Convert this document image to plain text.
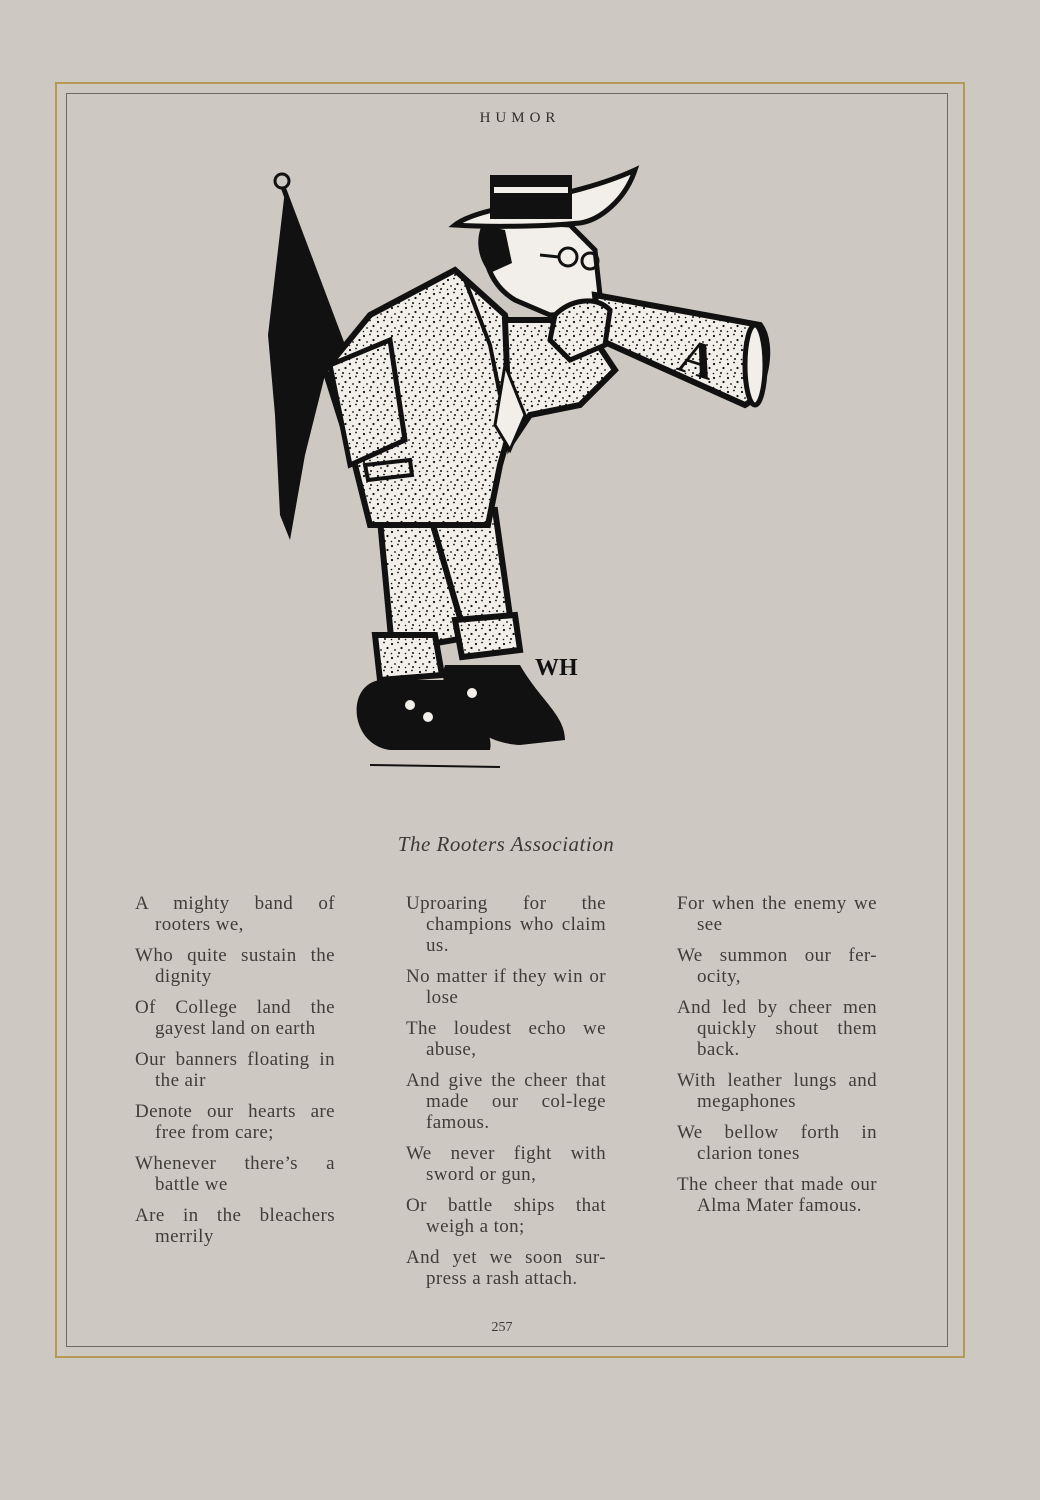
HUMOR
A
WH
The Rooters Association

A mighty band of rooters we,

Who quite sustain the dignity

Of College land the gayest land on earth

Our banners floating in the air

Denote our hearts are free from care;

Whenever there’s a battle we

Are in the bleachers merrily

Uproaring for the champions who claim us.

No matter if they win or lose

The loudest echo we abuse,

And give the cheer that made our col-lege famous.

We never fight with sword or gun,

Or battle ships that weigh a ton;

And yet we soon sur-press a rash attach.

For when the enemy we see

We summon our fer-ocity,

And led by cheer men quickly shout them back.

With leather lungs and megaphones

We bellow forth in clarion tones

The cheer that made our Alma Mater famous.

257
